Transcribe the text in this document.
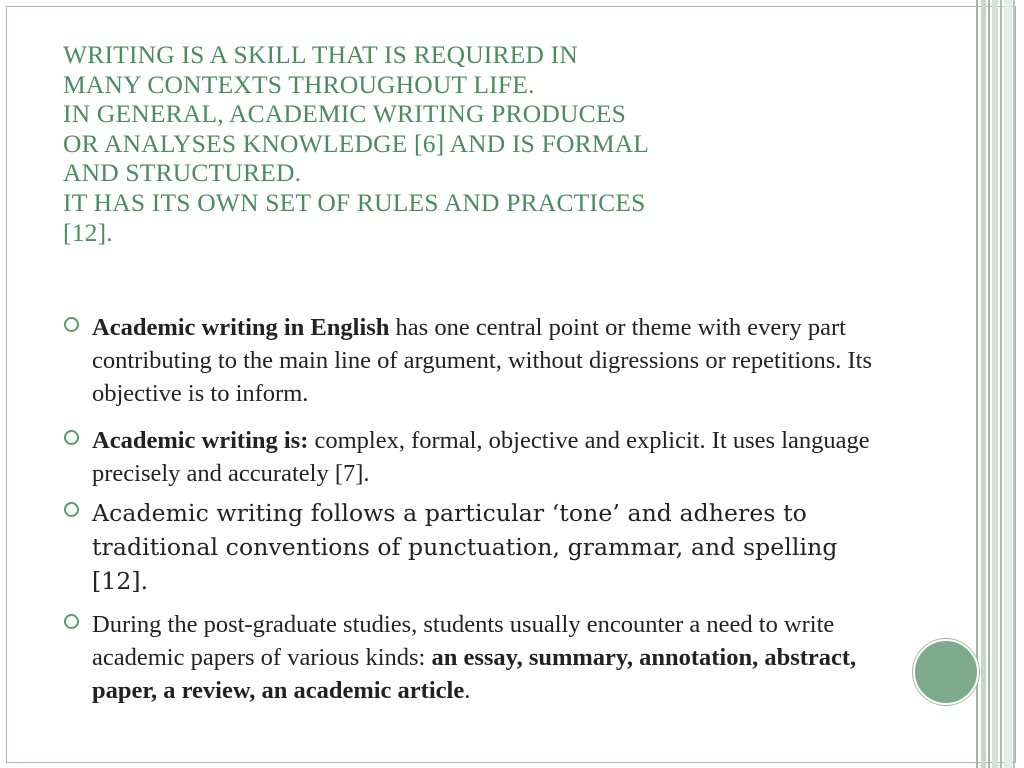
WRITING IS A SKILL THAT IS REQUIRED IN
MANY CONTEXTS THROUGHOUT LIFE.
IN GENERAL, ACADEMIC WRITING PRODUCES
OR ANALYSES KNOWLEDGE [6] AND IS FORMAL
AND STRUCTURED.
IT HAS ITS OWN SET OF RULES AND PRACTICES
[12].
Academic writing in English has one central point or theme with every part contributing to the main line of argument, without digressions or repetitions. Its objective is to inform.
Academic writing is: complex, formal, objective and explicit. It uses language precisely and accurately [7].
Academic writing follows a particular ‘tone’ and adheres to traditional conventions of punctuation, grammar, and spelling [12].
During the post-graduate studies, students usually encounter a need to write academic papers of various kinds: an essay, summary, annotation, abstract, paper, a review, an academic article.
